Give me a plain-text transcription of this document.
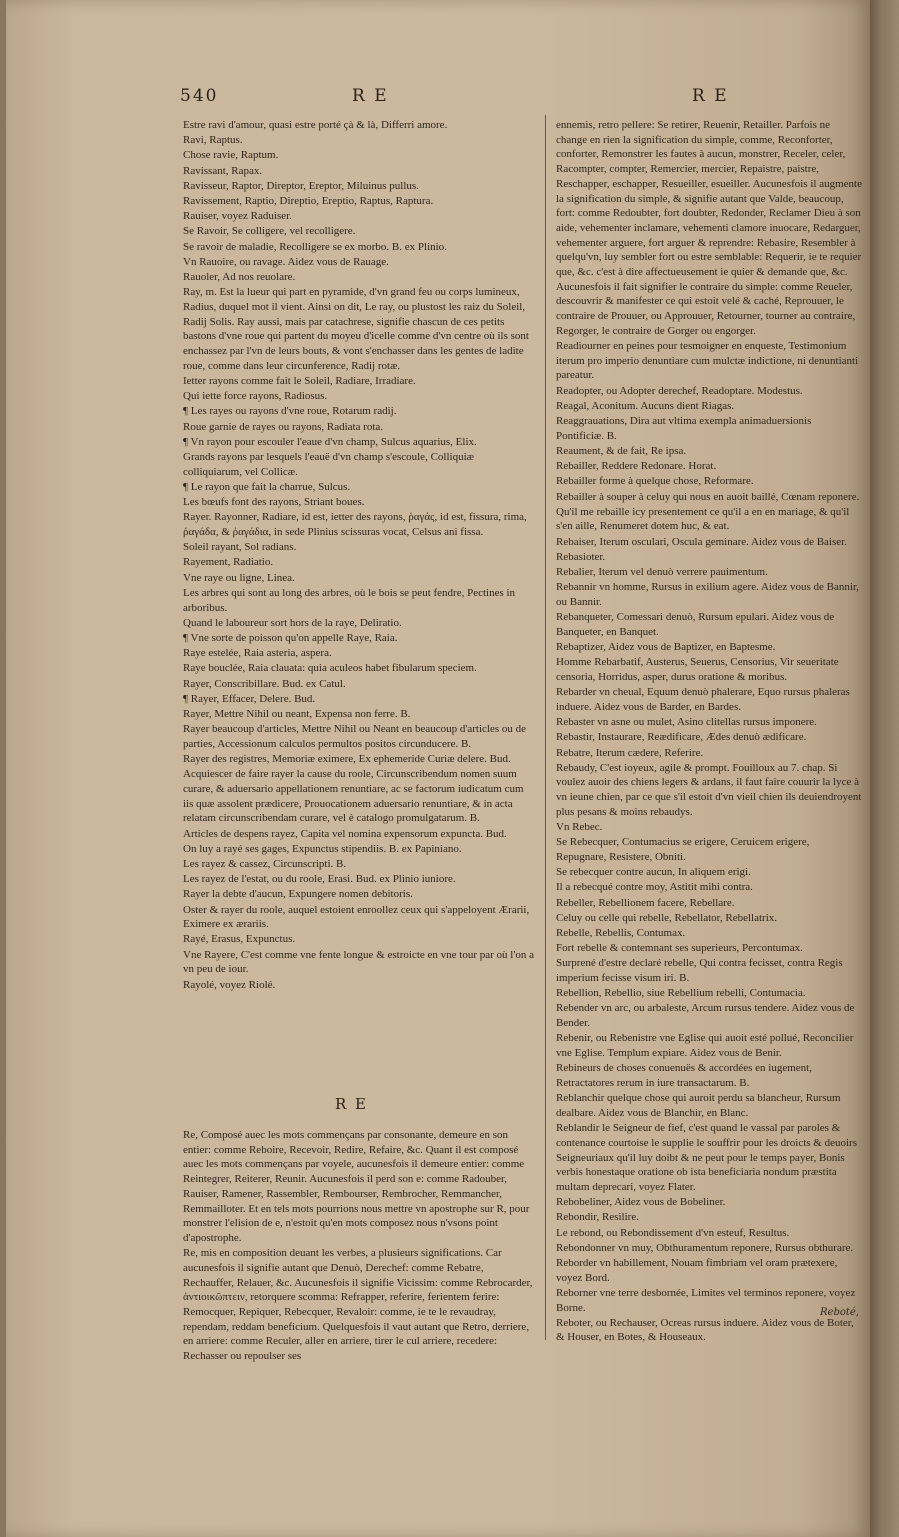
540	R E	R E
Estre ravi d'amour, quasi estre porté çà & là, Differri amore.
Ravi, Raptus.
Chose ravie, Raptum.
Ravissant, Rapax.
Ravisseur, Raptor, Direptor, Ereptor, Miluinus pullus.
Ravissement, Raptio, Direptio, Ereptio, Raptus, Raptura.
Rauiser, voyez Raduiser.
Se Ravoir, Se colligere, vel recolligere.
Se ravoir de maladie, Recolligere se ex morbo. B. ex Plinio.
Vn Rauoire, ou ravage. Aidez vous de Rauage.
Rauoler, Ad nos reuolare.
Ray, m. Est la lueur qui part en pyramide, d'vn grand feu ou corps lumineux, Radius, duquel mot il vient. Ainsi on dit, Le ray, ou plustost les raiz du Soleil, Radij Solis. Ray aussi, mais par catachrese, signifie chascun de ces petits bastons d'vne roue qui partent du moyeu d'icelle comme d'vn centre où ils sont enchassez par l'vn de leurs bouts, & vont s'enchasser dans les gentes de ladite roue, comme dans leur circunference, Radij rotæ.
Ietter rayons comme fait le Soleil, Radiare, Irradiare.
Qui iette force rayons, Radiosus.
¶ Les rayes ou rayons d'vne roue, Rotarum radij.
Roue garnie de rayes ou rayons, Radiata rota.
¶ Vn rayon pour escouler l'eaue d'vn champ, Sulcus aquarius, Elix.
Grands rayons par lesquels l'eauë d'vn champ s'escoule, Colliquiæ colliquiarum, vel Collicæ.
¶ Le rayon que fait la charrue, Sulcus.
Les bœufs font des rayons, Striant boues.
Rayer. Rayonner, Radiare, id est, ietter des rayons, ῥαγάς, id est, fissura, rima, ῥαγάδα, & ῥαγάδια, in sede Plinius scissuras vocat, Celsus ani fissa.
Soleil rayant, Sol radians.
Rayement, Radiatio.
Vne raye ou ligne, Linea.
Les arbres qui sont au long des arbres, où le bois se peut fendre, Pectines in arboribus.
Quand le laboureur sort hors de la raye, Deliratio.
¶ Vne sorte de poisson qu'on appelle Raye, Raia.
Raye estelée, Raia asteria, aspera.
Raye bouclée, Raia clauata: quia aculeos habet fibularum speciem.
Rayer, Conscribillare. Bud. ex Catul.
¶ Rayer, Effacer, Delere. Bud.
Rayer, Mettre Nihil ou neant, Expensa non ferre. B.
Rayer beaucoup d'articles, Mettre Nihil ou Neant en beaucoup d'articles ou de parties, Accessionum calculos permultos positos circunducere. B.
Rayer des registres, Memoriæ eximere, Ex ephemeride Curiæ delere. Bud.
Acquiescer de faire rayer la cause du roole, Circunscribendum nomen suum curare, & aduersario appellationem renuntiare, ac se factorum iudicatum cum iis quæ assolent prædicere, Prouocationem aduersario renuntiare, & in acta relatam circunscribendam curare, vel è catalogo promulgatarum. B.
Articles de despens rayez, Capita vel nomina expensorum expuncta. Bud.
On luy a rayé ses gages, Expunctus stipendiis. B. ex Papiniano.
Les rayez & cassez, Circunscripti. B.
Les rayez de l'estat, ou du roole, Erasi. Bud. ex Plinio iuniore.
Rayer la debte d'aucun, Expungere nomen debitoris.
Oster & rayer du roole, auquel estoient enroollez ceux qui s'appeloyent Ærarii, Eximere ex ærariis.
Rayé, Erasus, Expunctus.
Vne Rayere, C'est comme vne fente longue & estroicte en vne tour par où l'on a vn peu de iour.
Rayolé, voyez Riolé.
R E
Re, Composé auec les mots commençans par consonante, demeure en son entier: comme Reboire, Recevoir, Redire, Refaire, &c. Quant il est composé auec les mots commençans par voyele, aucunesfois il demeure entier: comme Reintegrer, Reiterer, Reunir. Aucunesfois il perd son e: comme Radouber, Rauiser, Ramener, Rassembler, Rembourser, Rembrocher, Remmancher, Remmailloter. Et en tels mots pourrions nous mettre vn apostrophe sur R, pour monstrer l'elision de e, n'estoit qu'en mots composez nous n'vsons point d'apostrophe.
Re, mis en composition deuant les verbes, a plusieurs significations. Car aucunesfois il signifie autant que Denuò, Derechef: comme Rebatre, Rechauffer, Relauer, &c. Aucunesfois il signifie Vicissim: comme Rebrocarder, ἀντιοικῶπτειν, retorquere scomma: Refrapper, referire, ferientem ferire: Remocquer, Repiquer, Rebecquer, Revaloir: comme, ie te le revaudray, rependam, reddam beneficium. Quelquesfois il vaut autant que Retro, derriere, en arriere: comme Reculer, aller en arriere, tirer le cul arriere, recedere: Rechasser ou repoulser ses
ennemis, retro pellere: Se retirer, Reuenir, Retailler. Parfois ne change en rien la signification du simple, comme, Reconforter, conforter, Remonstrer les fautes à aucun, monstrer, Receler, celer, Racompter, compter, Remercier, mercier, Repaistre, paistre, Reschapper, eschapper, Resueiller, esueiller. Aucunesfois il augmente la signification du simple, & signifie autant que Valde, beaucoup, fort: comme Redoubter, fort doubter, Redonder, Reclamer Dieu à son aide, vehementer inclamare, vehementi clamore inuocare, Redarguer, vehementer arguere, fort arguer & reprendre: Rebasire, Resembler à quelqu'vn, luy sembler fort ou estre semblable: Requerir, ie te requier que, &c. c'est à dire affectueusement ie quier & demande que, &c. Aucunesfois il fait signifier le contraire du simple: comme Reueler, descouvrir & manifester ce qui estoit velé & caché, Reprouuer, le contraire de Prouuer, ou Approuuer, Retourner, tourner au contraire, Regorger, le contraire de Gorger ou engorger.
Readiourner en peines pour tesmoigner en enqueste, Testimonium iterum pro imperio denuntiare cum mulctæ indictione, ni denuntianti pareatur.
Readopter, ou Adopter derechef, Readoptare. Modestus.
Reagal, Aconitum. Aucuns dient Riagas.
Reaggrauations, Dira aut vltima exempla animaduersionis Pontificiæ. B.
Reaument, & de fait, Re ipsa.
Rebailler, Reddere Redonare. Horat.
Rebailler forme à quelque chose, Reformare.
Rebailler à souper à celuy qui nous en auoit baillé, Cœnam reponere.
Qu'il me rebaille icy presentement ce qu'il a en en mariage, & qu'il s'en aille, Renumeret dotem huc, & eat.
Rebaiser, Iterum osculari, Oscula geminare. Aidez vous de Baiser.
Rebasioter.
Rebalier, Iterum vel denuò verrere pauimentum.
Rebannir vn homme, Rursus in exilium agere. Aidez vous de Bannir, ou Bannir.
Rebanqueter, Comessari denuò, Rursum epulari. Aidez vous de Banqueter, en Banquet.
Rebaptizer, Aidez vous de Baptizer, en Baptesme.
Homme Rebarbatif, Austerus, Seuerus, Censorius, Vir seueritate censoria, Horridus, asper, durus oratione & moribus.
Rebarder vn cheual, Equum denuò phalerare, Equo rursus phaleras induere. Aidez vous de Barder, en Bardes.
Rebaster vn asne ou mulet, Asino clitellas rursus imponere.
Rebastir, Instaurare, Reædificare, Ædes denuò ædificare.
Rebatre, Iterum cædere, Referire.
Rebaudy, C'est ioyeux, agile & prompt. Fouilloux au 7. chap. Si voulez auoir des chiens legers & ardans, il faut faire couurir la lyce à vn ieune chien, par ce que s'il estoit d'vn vieil chien ils deuiendroyent plus pesans & moins rebaudys.
Vn Rebec.
Se Rebecquer, Contumacius se erigere, Ceruicem erigere, Repugnare, Resistere, Obniti.
Se rebecquer contre aucun, In aliquem erigi.
Il a rebecqué contre moy, Astitit mihi contra.
Rebeller, Rebellionem facere, Rebellare.
Celuy ou celle qui rebelle, Rebellator, Rebellatrix.
Rebelle, Rebellis, Contumax.
Fort rebelle & contemnant ses superieurs, Percontumax.
Surprené d'estre declaré rebelle, Qui contra fecisset, contra Regis imperium fecisse visum iri. B.
Rebellion, Rebellio, siue Rebellium rebelli, Contumacia.
Rebender vn arc, ou arbaleste, Arcum rursus tendere. Aidez vous de Bender.
Rebenir, ou Rebenistre vne Eglise qui auoit esté pollué, Reconcilier vne Eglise. Templum expiare. Aidez vous de Benir.
Rebineurs de choses conuenuës & accordées en iugement, Retractatores rerum in iure transactarum. B.
Reblanchir quelque chose qui auroit perdu sa blancheur, Rursum dealbare. Aidez vous de Blanchir, en Blanc.
Reblandir le Seigneur de fief, c'est quand le vassal par paroles & contenance courtoise le supplie le souffrir pour les droicts & deuoirs Seigneuriaux qu'il luy doibt & ne peut pour le temps payer, Bonis verbis honestaque oratione ob ista beneficiaria nondum præstita multam deprecari, voyez Flater.
Rebobeliner, Aidez vous de Bobeliner.
Rebondir, Resilire.
Le rebond, ou Rebondissement d'vn esteuf, Resultus.
Rebondonner vn muy, Obthuramentum reponere, Rursus obthurare.
Reborder vn habillement, Nouam fimbriam vel oram prætexere, voyez Bord.
Reborner vne terre desbornée, Limites vel terminos reponere, voyez Borne.
Reboter, ou Rechauser, Ocreas rursus induere. Aidez vous de Boter, & Houser, en Botes, & Houseaux.
Reboté,
